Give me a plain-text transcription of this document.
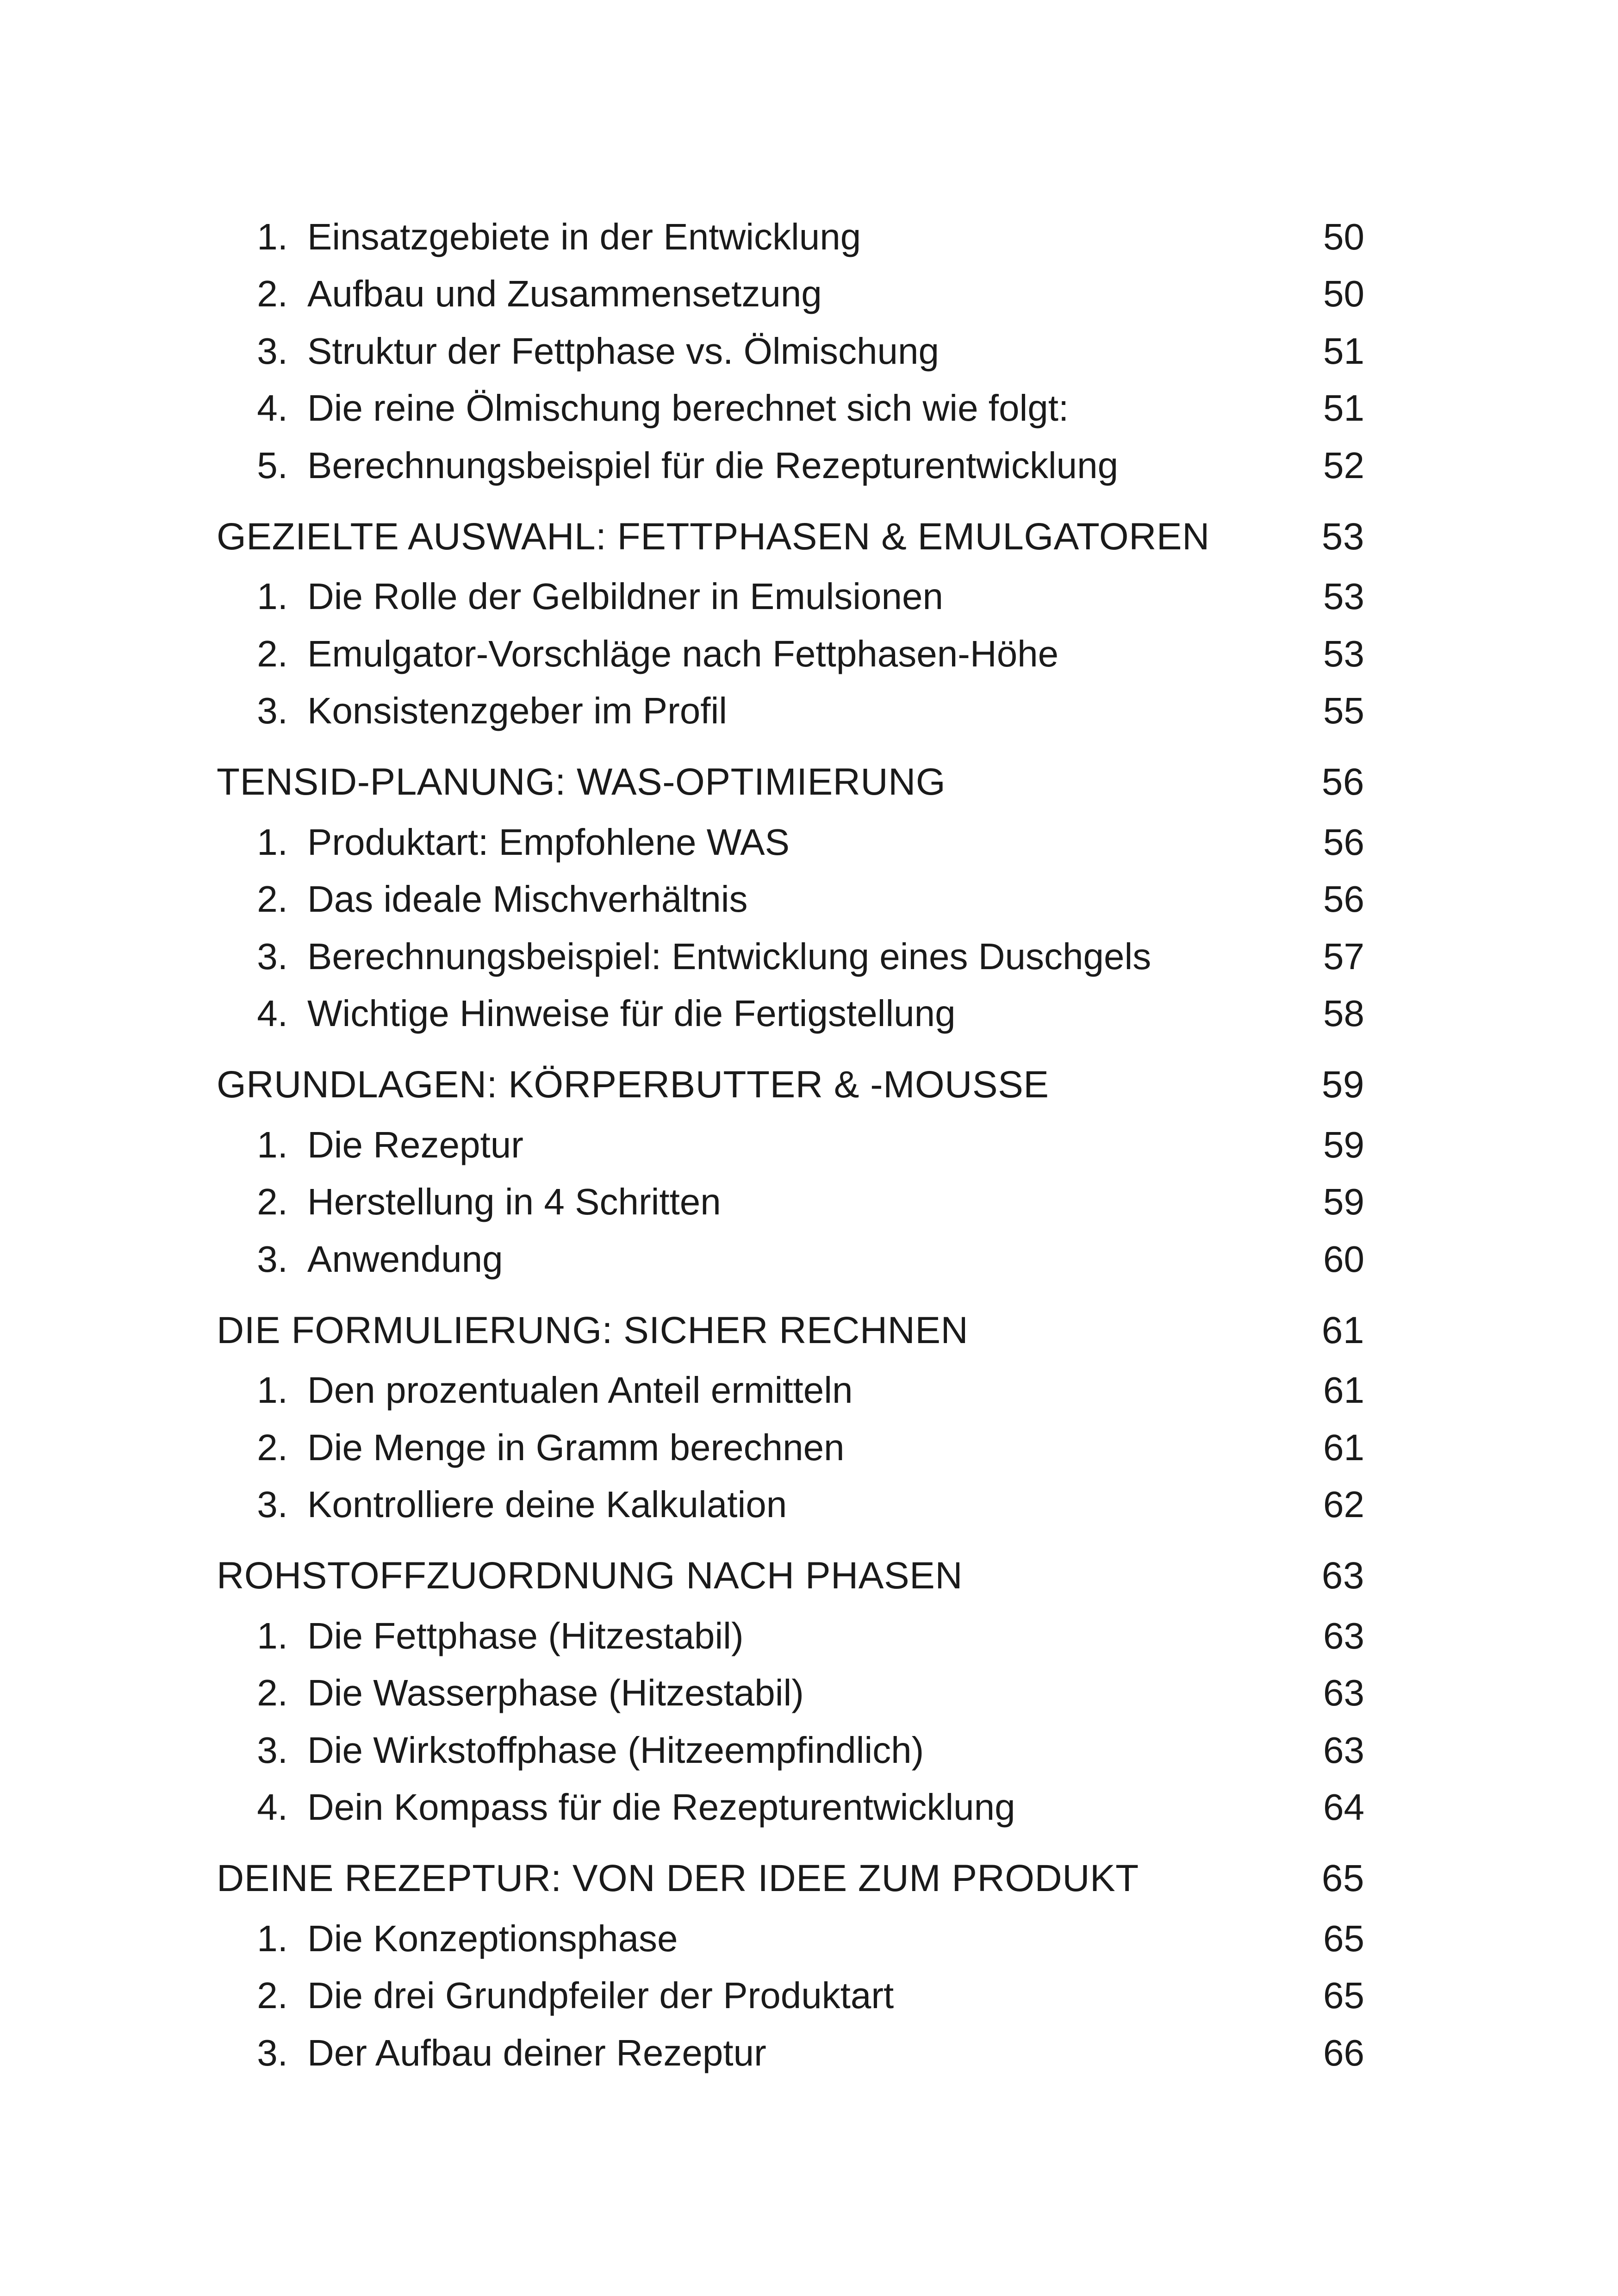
1. Einsatzgebiete in der Entwicklung	50
2. Aufbau und Zusammensetzung	50
3. Struktur der Fettphase vs. Ölmischung	51
4. Die reine Ölmischung berechnet sich wie folgt:	51
5. Berechnungsbeispiel für die Rezepturentwicklung	52
GEZIELTE AUSWAHL: FETTPHASEN & EMULGATOREN	53
1. Die Rolle der Gelbildner in Emulsionen	53
2. Emulgator-Vorschläge nach Fettphasen-Höhe	53
3. Konsistenzgeber im Profil	55
TENSID-PLANUNG: WAS-OPTIMIERUNG	56
1. Produktart: Empfohlene WAS	56
2. Das ideale Mischverhältnis	56
3. Berechnungsbeispiel: Entwicklung eines Duschgels	57
4. Wichtige Hinweise für die Fertigstellung	58
GRUNDLAGEN: KÖRPERBUTTER & -MOUSSE	59
1. Die Rezeptur	59
2. Herstellung in 4 Schritten	59
3. Anwendung	60
DIE FORMULIERUNG: SICHER RECHNEN	61
1. Den prozentualen Anteil ermitteln	61
2. Die Menge in Gramm berechnen	61
3. Kontrolliere deine Kalkulation	62
ROHSTOFFZUORDNUNG NACH PHASEN	63
1. Die Fettphase (Hitzestabil)	63
2. Die Wasserphase (Hitzestabil)	63
3. Die Wirkstoffphase (Hitzeempfindlich)	63
4. Dein Kompass für die Rezepturentwicklung	64
DEINE REZEPTUR: VON DER IDEE ZUM PRODUKT	65
1. Die Konzeptionsphase	65
2. Die drei Grundpfeiler der Produktart	65
3. Der Aufbau deiner Rezeptur	66
